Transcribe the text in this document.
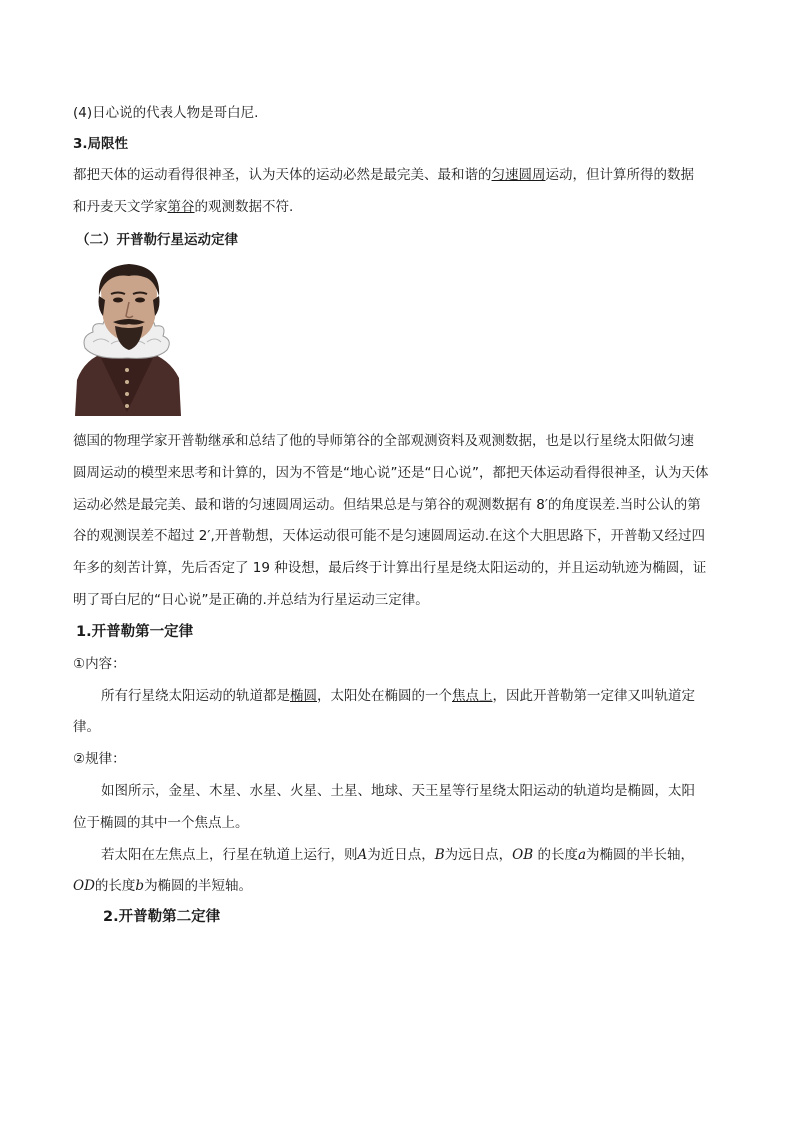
(4)日心说的代表人物是哥白尼.
3.局限性
都把天体的运动看得很神圣，认为天体的运动必然是最完美、最和谐的匀速圆周运动，但计算所得的数据
和丹麦天文学家第谷的观测数据不符.
（二）开普勒行星运动定律
德国的物理学家开普勒继承和总结了他的导师第谷的全部观测资料及观测数据，也是以行星绕太阳做匀速
圆周运动的模型来思考和计算的，因为不管是“地心说”还是“日心说”，都把天体运动看得很神圣，认为天体
运动必然是最完美、最和谐的匀速圆周运动。但结果总是与第谷的观测数据有 8′的角度误差.当时公认的第
谷的观测误差不超过 2′,开普勒想，天体运动很可能不是匀速圆周运动.在这个大胆思路下，开普勒又经过四
年多的刻苦计算，先后否定了 19 种设想，最后终于计算出行星是绕太阳运动的，并且运动轨迹为椭圆，证
明了哥白尼的“日心说”是正确的.并总结为行星运动三定律。
1.开普勒第一定律
①内容：
所有行星绕太阳运动的轨道都是椭圆，太阳处在椭圆的一个焦点上，因此开普勒第一定律又叫轨道定
律。
②规律：
如图所示，金星、木星、水星、火星、土星、地球、天王星等行星绕太阳运动的轨道均是椭圆，太阳
位于椭圆的其中一个焦点上。
若太阳在左焦点上，行星在轨道上运行，则A为近日点，B为远日点，OB 的长度a为椭圆的半长轴，
OD的长度b为椭圆的半短轴。
2.开普勒第二定律
